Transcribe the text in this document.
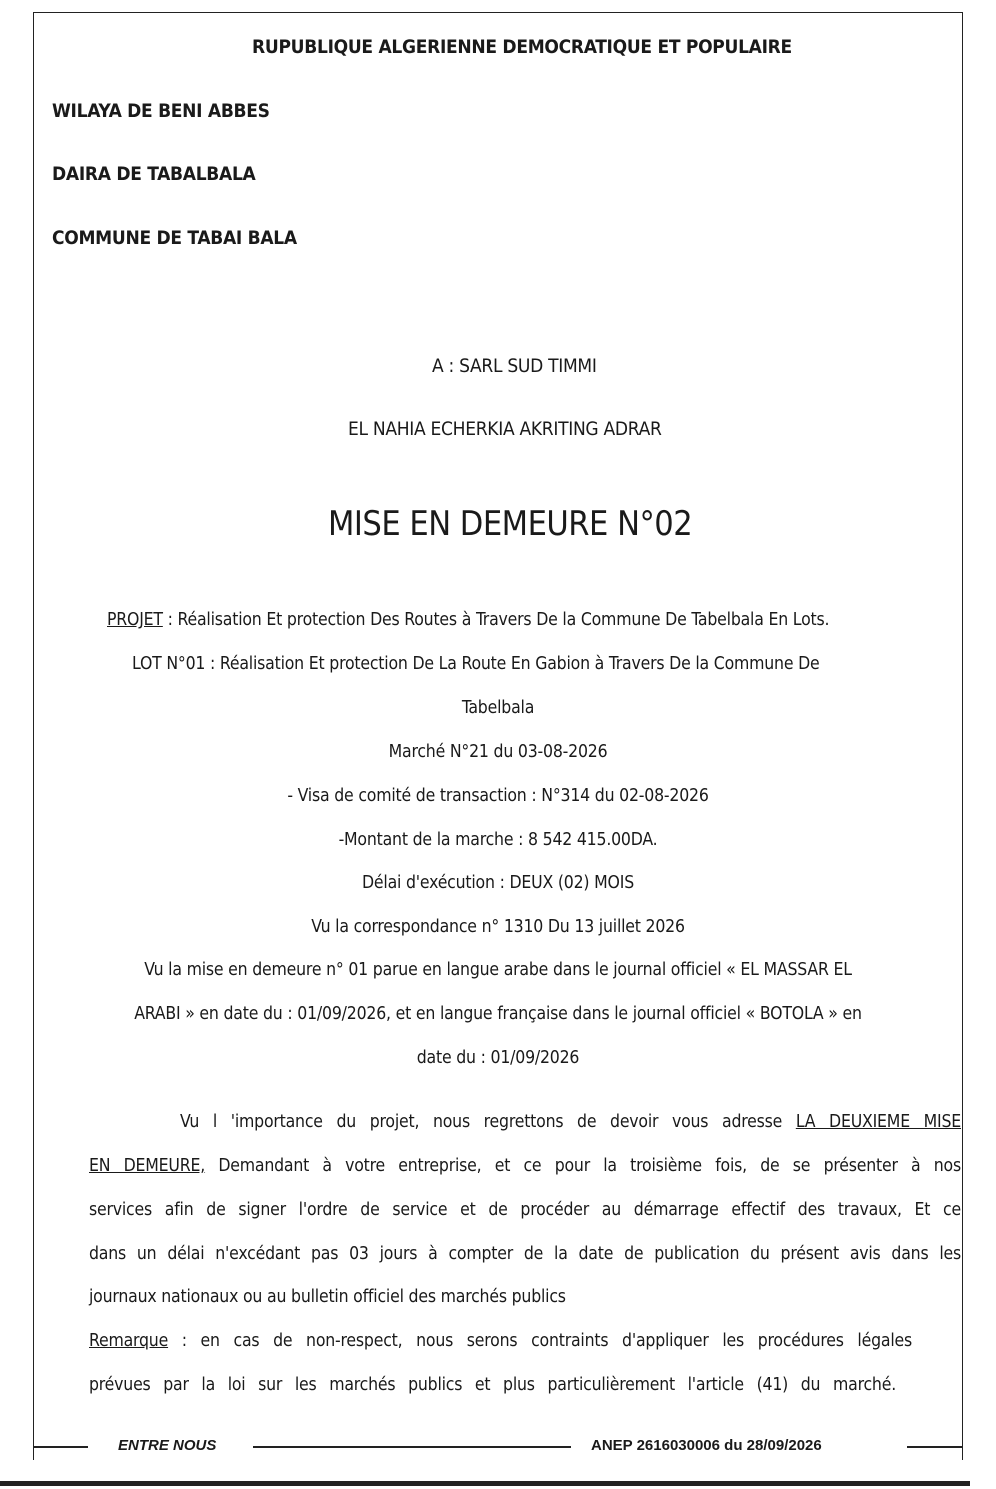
RUPUBLIQUE ALGERIENNE DEMOCRATIQUE ET POPULAIRE
WILAYA DE BENI ABBES
DAIRA DE TABALBALA
COMMUNE DE TABAI BALA
A : SARL SUD TIMMI
EL NAHIA ECHERKIA AKRITING ADRAR
MISE EN DEMEURE N°02
PROJET : Réalisation Et protection Des Routes à Travers De la Commune De Tabelbala En Lots.
LOT N°01 : Réalisation Et protection De La Route En Gabion à Travers De la Commune De
Tabelbala
Marché N°21 du 03-08-2026
- Visa de comité de transaction : N°314 du 02-08-2026
-Montant de la marche : 8 542 415.00DA.
Délai d'exécution : DEUX (02) MOIS
Vu la correspondance n° 1310 Du 13 juillet 2026
Vu la mise en demeure n° 01 parue en langue arabe dans le journal officiel « EL MASSAR EL
ARABI » en date du : 01/09/2026, et en langue française dans le journal officiel « BOTOLA » en
date du : 01/09/2026
Vu l 'importance du projet, nous regrettons de devoir vous adresse LA DEUXIEME MISE
EN DEMEURE, Demandant à votre entreprise, et ce pour la troisième fois, de se présenter à nos
services afin de signer l'ordre de service et de procéder au démarrage effectif des travaux, Et ce
dans un délai n'excédant pas 03 jours à compter de la date de publication du présent avis dans les
journaux nationaux ou au bulletin officiel des marchés publics
Remarque : en cas de non-respect, nous serons contraints d'appliquer les procédures légales
prévues par la loi sur les marchés publics et plus particulièrement l'article (41) du marché.
ENTRE NOUS	ANEP 2616030006 du 28/09/2026
